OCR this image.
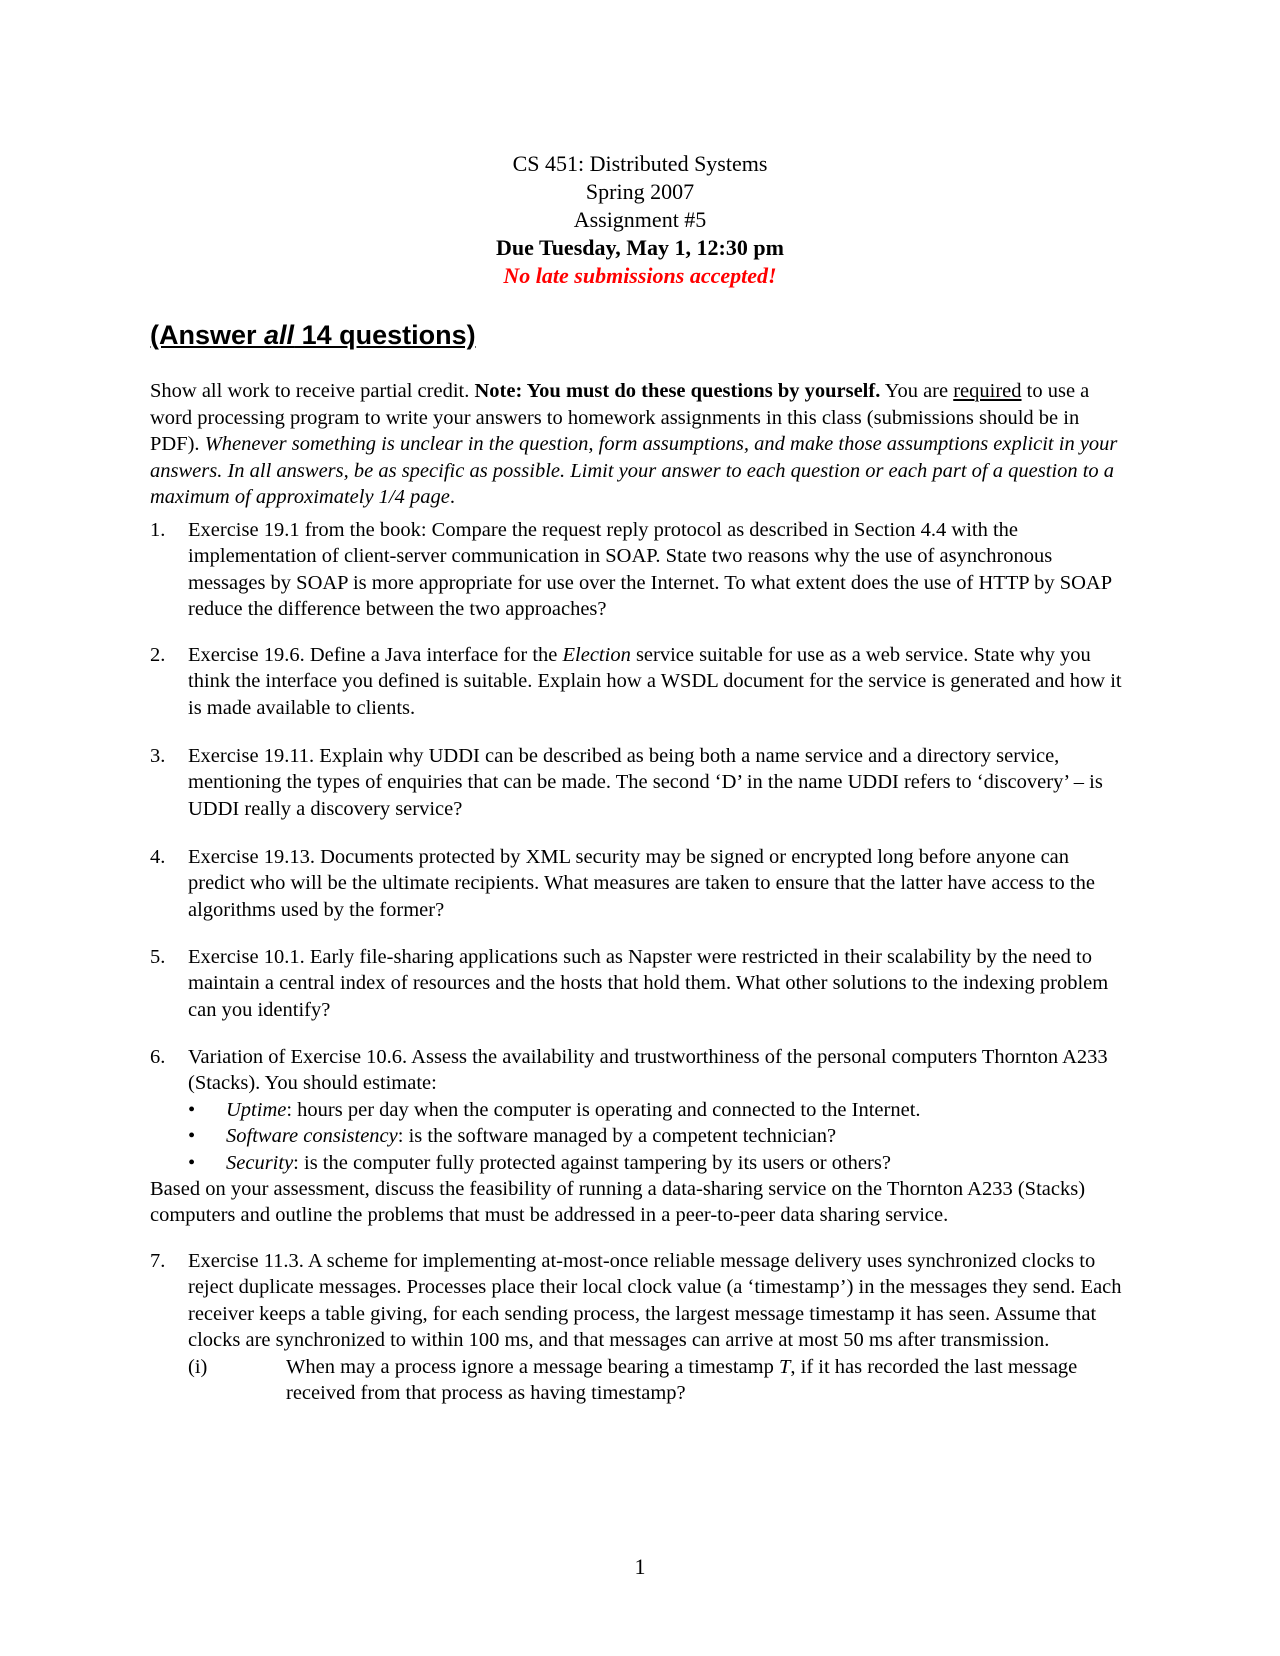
CS 451: Distributed Systems
Spring 2007
Assignment #5
Due Tuesday, May 1, 12:30 pm
No late submissions accepted!
(Answer all 14 questions)
Show all work to receive partial credit. Note: You must do these questions by yourself. You are required to use a word processing program to write your answers to homework assignments in this class (submissions should be in PDF). Whenever something is unclear in the question, form assumptions, and make those assumptions explicit in your answers. In all answers, be as specific as possible. Limit your answer to each question or each part of a question to a maximum of approximately 1/4 page.
1. Exercise 19.1 from the book: Compare the request reply protocol as described in Section 4.4 with the implementation of client-server communication in SOAP. State two reasons why the use of asynchronous messages by SOAP is more appropriate for use over the Internet. To what extent does the use of HTTP by SOAP reduce the difference between the two approaches?
2. Exercise 19.6. Define a Java interface for the Election service suitable for use as a web service. State why you think the interface you defined is suitable. Explain how a WSDL document for the service is generated and how it is made available to clients.
3. Exercise 19.11. Explain why UDDI can be described as being both a name service and a directory service, mentioning the types of enquiries that can be made. The second ‘D’ in the name UDDI refers to ‘discovery’ – is UDDI really a discovery service?
4. Exercise 19.13. Documents protected by XML security may be signed or encrypted long before anyone can predict who will be the ultimate recipients. What measures are taken to ensure that the latter have access to the algorithms used by the former?
5. Exercise 10.1. Early file-sharing applications such as Napster were restricted in their scalability by the need to maintain a central index of resources and the hosts that hold them. What other solutions to the indexing problem can you identify?
6. Variation of Exercise 10.6. Assess the availability and trustworthiness of the personal computers Thornton A233 (Stacks). You should estimate:
• Uptime: hours per day when the computer is operating and connected to the Internet.
• Software consistency: is the software managed by a competent technician?
• Security: is the computer fully protected against tampering by its users or others?
Based on your assessment, discuss the feasibility of running a data-sharing service on the Thornton A233 (Stacks) computers and outline the problems that must be addressed in a peer-to-peer data sharing service.
7. Exercise 11.3. A scheme for implementing at-most-once reliable message delivery uses synchronized clocks to reject duplicate messages. Processes place their local clock value (a ‘timestamp’) in the messages they send. Each receiver keeps a table giving, for each sending process, the largest message timestamp it has seen. Assume that clocks are synchronized to within 100 ms, and that messages can arrive at most 50 ms after transmission.
(i)	When may a process ignore a message bearing a timestamp T, if it has recorded the last message received from that process as having timestamp?
1
